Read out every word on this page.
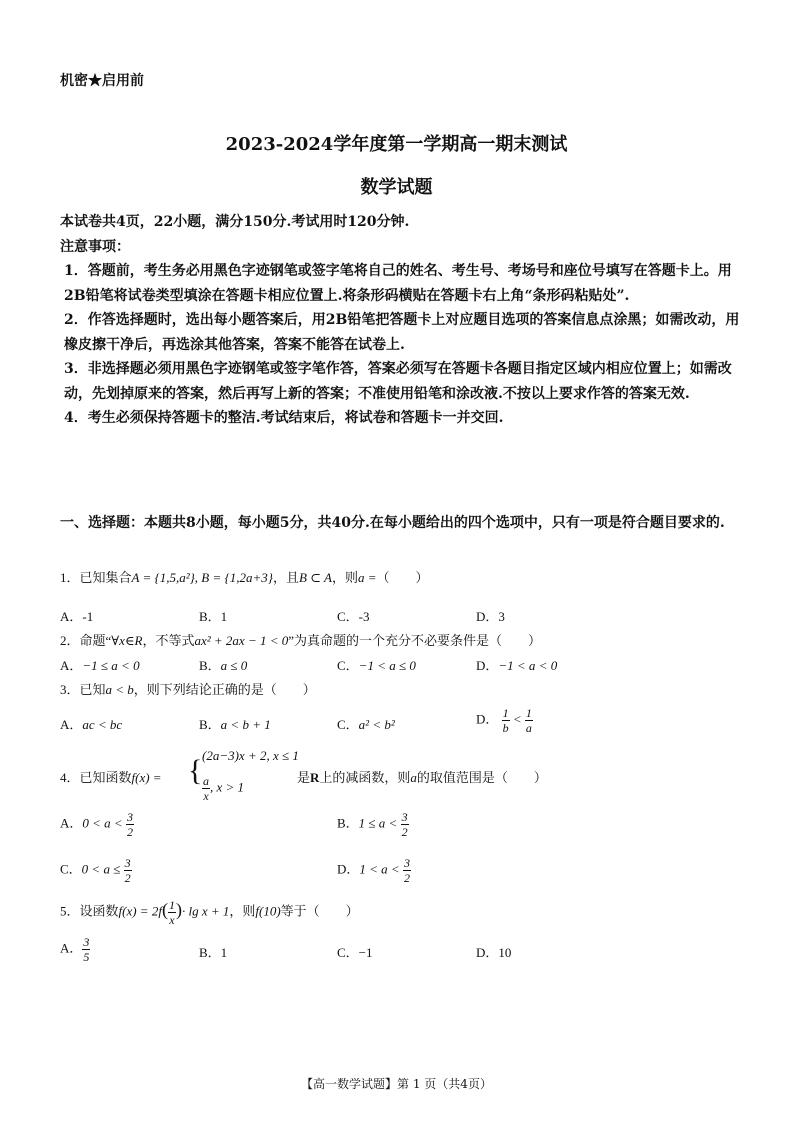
机密★启用前
2023-2024学年度第一学期高一期末测试
数学试题

本试卷共4页，22小题，满分150分.考试用时120分钟.

注意事项：

1．答题前，考生务必用黑色字迹钢笔或签字笔将自己的姓名、考生号、考场号和座位号填写在答题卡上。用2B铅笔将试卷类型填涂在答题卡相应位置上.将条形码横贴在答题卡右上角“条形码粘贴处”.

2．作答选择题时，选出每小题答案后，用2B铅笔把答题卡上对应题目选项的答案信息点涂黑；如需改动，用橡皮擦干净后，再选涂其他答案，答案不能答在试卷上.

3．非选择题必须用黑色字迹钢笔或签字笔作答，答案必须写在答题卡各题目指定区域内相应位置上；如需改动，先划掉原来的答案，然后再写上新的答案；不准使用铅笔和涂改液.不按以上要求作答的答案无效.

4．考生必须保持答题卡的整洁.考试结束后，将试卷和答题卡一并交回.

一、选择题：本题共8小题，每小题5分，共40分.在每小题给出的四个选项中，只有一项是符合题目要求的.
1．已知集合A = {1,5,a²}, B = {1,2a+3}，且B ⊂ A，则a =（　　）
A．-1	B．1	C．-3	D．3
2．命题“∀x∈R，不等式ax² + 2ax − 1 < 0”为真命题的一个充分不必要条件是（　　）
A．−1 ≤ a < 0	B．a ≤ 0	C．−1 < a ≤ 0	D．−1 < a < 0
3．已知a < b，则下列结论正确的是（　　）
A．ac < bc	B．a < b + 1	C．a² < b²	D． $\frac{1}{b} < \frac{1}{a}$
4．已知函数f(x) = { (2a−3)x + 2, x ≤ 1
$\frac{a}{x}$ , x > 1
是R上的减函数，则a的取值范围是（　　）
A．$0 < a < \frac{3}{2}$	B．$1 \le a < \frac{3}{2}$
C．$0 < a \le \frac{3}{2}$	D．$1 < a < \frac{3}{2}$
5．设函数$f(x) = 2f( \frac{1}{x}$ )· lg x + 1，则f(10)等于（　　）
A． $\frac{3}{5}$	B．1	C．−1	D．10
【高一数学试题】第 1 页（共4页）
